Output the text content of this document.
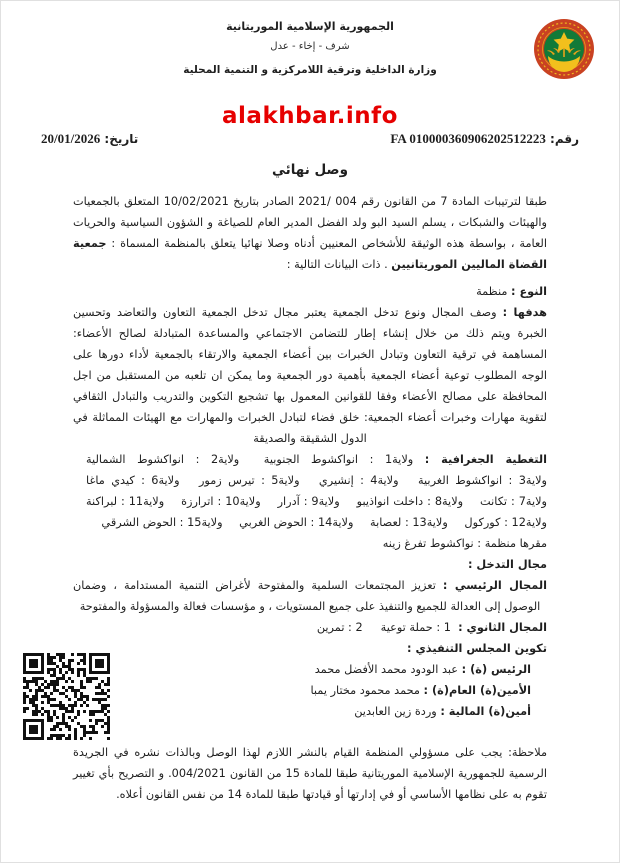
الجمهورية الإسلامية الموريتانية
شرف - إخاء - عدل
وزارة الداخلية وترقية اللامركزية و التنمية المحلية
alakhbar.info
رقم: FA 010000360906202512223
تاريخ: 20/01/2026
وصل نهائي

طبقا لترتيبات المادة 7 من القانون رقم 004 /2021 الصادر بتاريخ 10/02/2021 المتعلق بالجمعيات والهيئات والشبكات ، يسلم السيد البو ولد الفضل المدير العام للصياغة و الشؤون السياسية والحريات العامة ، بواسطة هذه الوثيقة للأشخاص المعنيين أدناه وصلا نهائيا يتعلق بالمنظمة المسماة : جمعية القضاة الماليين الموريتانيين . ذات البيانات التالية :

النوع : منظمة

هدفها : وصف المجال ونوع تدخل الجمعية يعتبر مجال تدخل الجمعية التعاون والتعاضد وتحسين الخبرة ويتم ذلك من خلال إنشاء إطار للتضامن الاجتماعي والمساعدة المتبادلة لصالح الأعضاء: المساهمة في ترقية التعاون وتبادل الخبرات بين أعضاء الجمعية والارتقاء بالجمعية لأداء دورها على الوجه المطلوب توعية أعضاء الجمعية بأهمية دور الجمعية وما يمكن ان تلعبه من المستقبل من اجل المحافظة على مصالح الأعضاء وفقا للقوانين المعمول بها تشجيع التكوين والتدريب والتبادل الثقافي لتقوية مهارات وخبرات أعضاء الجمعية: خلق فضاء لتبادل الخبرات والمهارات مع الهيئات المماثلة في الدول الشقيقة والصديقة

التغطية الجغرافية : ولاية1 : انواكشوط الجنوبية ولاية2 : انواكشوط الشمالية ولاية3 : انواكشوط الغربية ولاية4 : إنشيري ولاية5 : تيرس زمور ولاية6 : كيدي ماغا ولاية7 : تكانت ولاية8 : داخلت انواذيبو ولاية9 : آدرار ولاية10 : اترارزة ولاية11 : لبراكنة ولاية12 : كوركول ولاية13 : لعصابة ولاية14 : الحوض الغربي ولاية15 : الحوض الشرقي

مقرها منظمة : نواكشوط تفرغ زينه

مجال التدخل :

المجال الرئيسي : تعزيز المجتمعات السلمية والمفتوحة لأغراض التنمية المستدامة ، وضمان الوصول إلى العدالة للجميع والتنفيذ على جميع المستويات ، و مؤسسات فعالة والمسؤولة والمفتوحة

المجال الثانوي :  1 : حملة توعية2 : تمرين

تكوين المجلس التنفيذي :

الرئيس (ة) : عبد الودود محمد الأفضل محمد

الأمين(ة) العام(ة) : محمد محمود مختار يمبا

أمين(ة) المالية : وردة زين العابدين

ملاحظة: يجب على مسؤولي المنظمة القيام بالنشر اللازم لهذا الوصل وبالذات نشره في الجريدة الرسمية للجمهورية الإسلامية الموريتانية طبقا للمادة 15 من القانون 004/2021. و التصريح بأي تغيير تقوم به على نظامها الأساسي أو في إدارتها أو قيادتها طبقا للمادة 14 من نفس القانون أعلاه.
